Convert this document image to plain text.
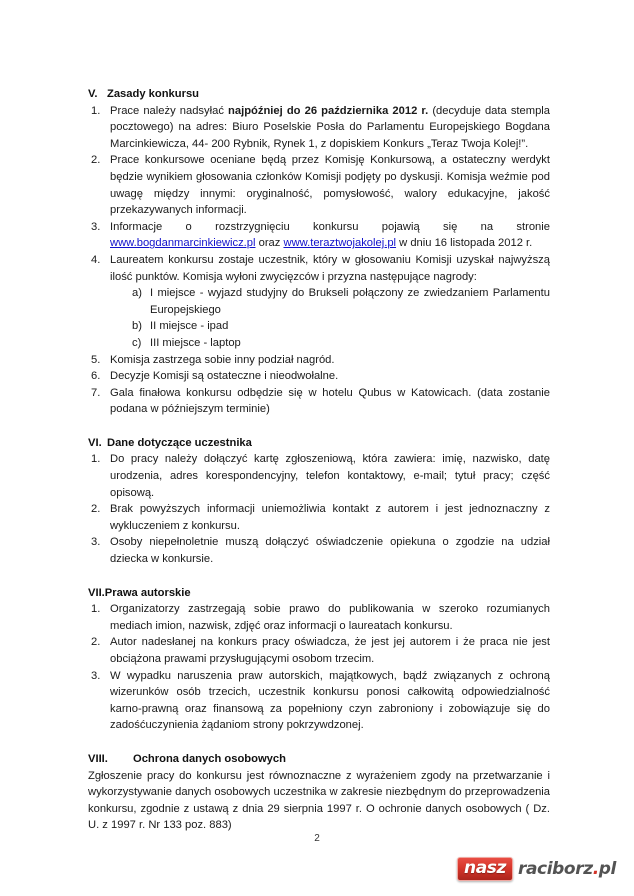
V. Zasady konkursu
1. Prace należy nadsyłać najpóźniej do 26 października 2012 r. (decyduje data stempla pocztowego) na adres: Biuro Poselskie Posła do Parlamentu Europejskiego Bogdana Marcinkiewicza, 44- 200 Rybnik, Rynek 1, z dopiskiem Konkurs „Teraz Twoja Kolej!”.
2. Prace konkursowe oceniane będą przez Komisję Konkursową, a ostateczny werdykt będzie wynikiem głosowania członków Komisji podjęty po dyskusji. Komisja weźmie pod uwagę między innymi: oryginalność, pomysłowość, walory edukacyjne, jakość przekazywanych informacji.
3. Informacje o rozstrzygnięciu konkursu pojawią się na stronie www.bogdanmarcinkiewicz.pl oraz www.teraztwojakolej.pl w dniu 16 listopada 2012 r.
4. Laureatem konkursu zostaje uczestnik, który w głosowaniu Komisji uzyskał najwyższą ilość punktów. Komisja wyłoni zwycięzców i przyzna następujące nagrody:
a) I miejsce - wyjazd studyjny do Brukseli połączony ze zwiedzaniem Parlamentu Europejskiego
b) II miejsce - ipad
c) III miejsce - laptop
5. Komisja zastrzega sobie inny podział nagród.
6. Decyzje Komisji są ostateczne i nieodwołalne.
7. Gala finałowa konkursu odbędzie się w hotelu Qubus w Katowicach. (data zostanie podana w późniejszym terminie)
VI. Dane dotyczące uczestnika
1. Do pracy należy dołączyć kartę zgłoszeniową, która zawiera: imię, nazwisko, datę urodzenia, adres korespondencyjny, telefon kontaktowy, e-mail; tytuł pracy; część opisową.
2. Brak powyższych informacji uniemożliwia kontakt z autorem i jest jednoznaczny z wykluczeniem z konkursu.
3. Osoby niepełnoletnie muszą dołączyć oświadczenie opiekuna o zgodzie na udział dziecka w konkursie.
VII. Prawa autorskie
1. Organizatorzy zastrzegają sobie prawo do publikowania w szeroko rozumianych mediach imion, nazwisk, zdjęć oraz informacji o laureatach konkursu.
2. Autor nadesłanej na konkurs pracy oświadcza, że jest jej autorem i że praca nie jest obciążona prawami przysługującymi osobom trzecim.
3. W wypadku naruszenia praw autorskich, majątkowych, bądź związanych z ochroną wizerunków osób trzecich, uczestnik konkursu ponosi całkowitą odpowiedzialność karno-prawną oraz finansową za popełniony czyn zabroniony i zobowiązuje się do zadośćuczynienia żądaniom strony pokrzywdzonej.
VIII.	Ochrona danych osobowych

Zgłoszenie pracy do konkursu jest równoznaczne z wyrażeniem zgody na przetwarzanie i wykorzystywanie danych osobowych uczestnika w zakresie niezbędnym do przeprowadzenia konkursu, zgodnie z ustawą z dnia 29 sierpnia 1997 r. O ochronie danych osobowych ( Dz. U. z 1997 r. Nr 133 poz. 883)

2
nasz raciborz.pl
